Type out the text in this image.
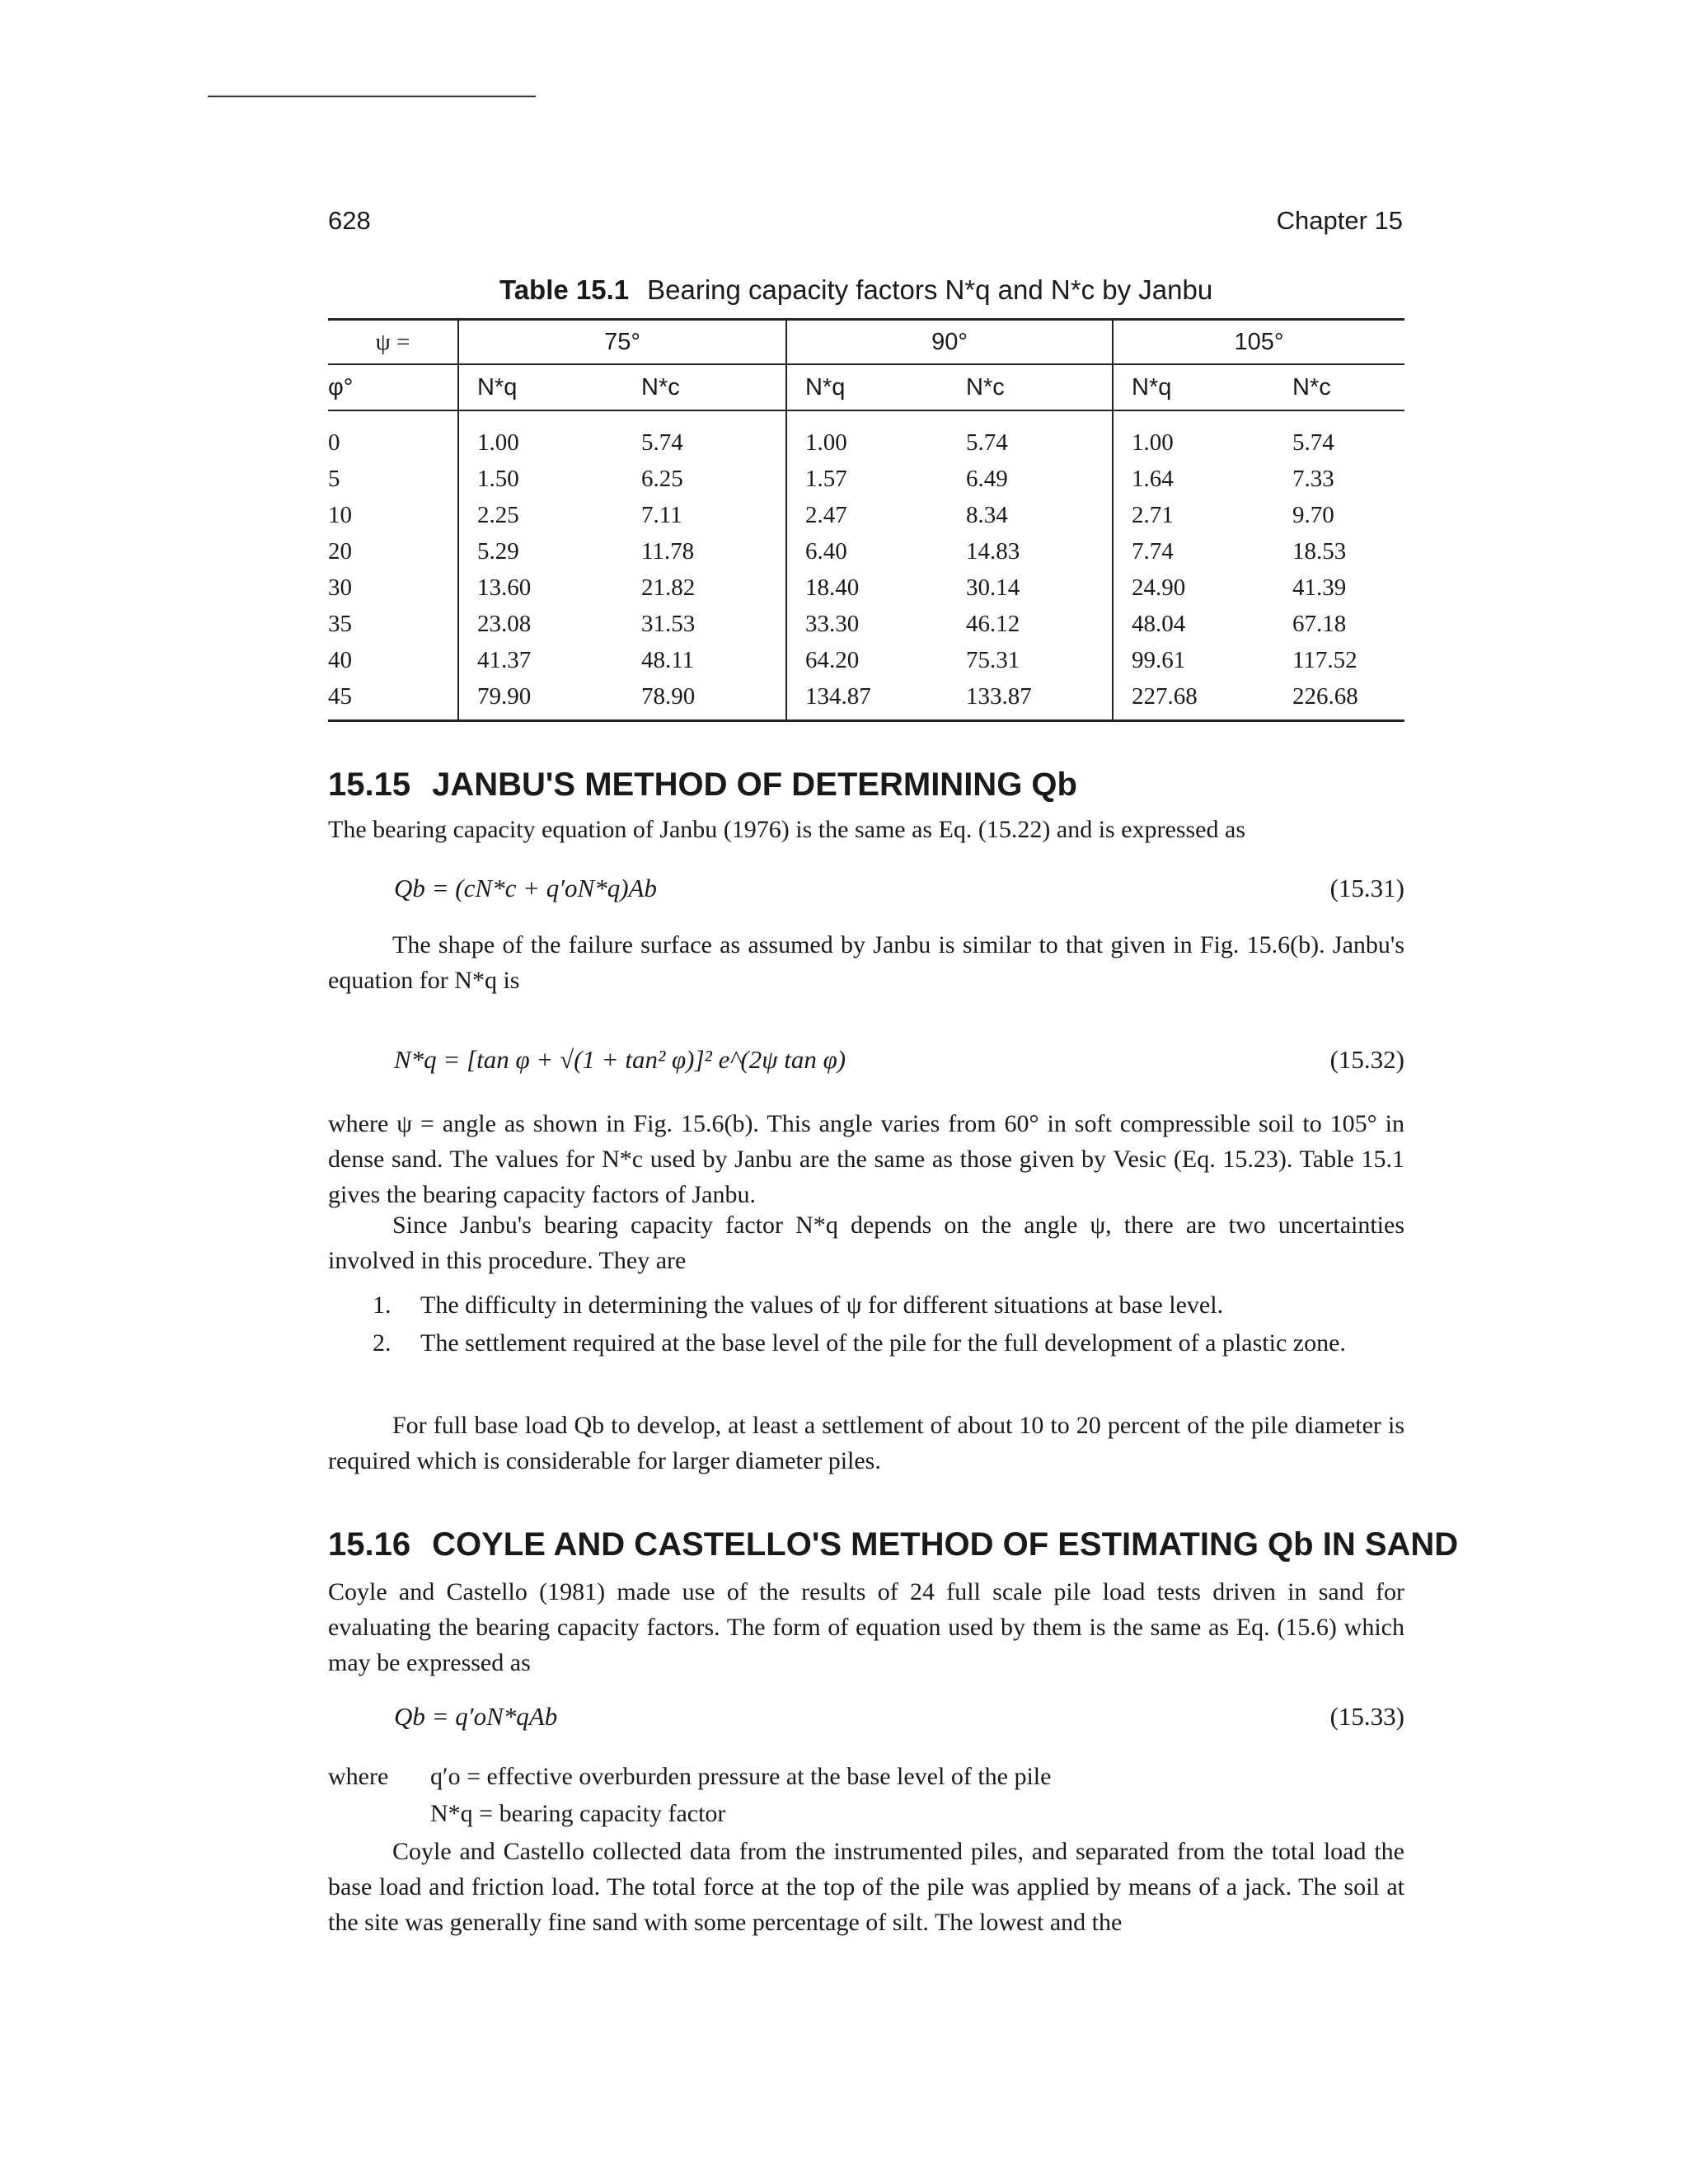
628	Chapter 15
Table 15.1 Bearing capacity factors N*q and N*c by Janbu
ψ =	75°		90°		105°	
φ°	N*q	N*c	N*q	N*c	N*q	N*c

0	1.00	5.74	1.00	5.74	1.00	5.74
5	1.50	6.25	1.57	6.49	1.64	7.33
10	2.25	7.11	2.47	8.34	2.71	9.70
20	5.29	11.78	6.40	14.83	7.74	18.53
30	13.60	21.82	18.40	30.14	24.90	41.39
35	23.08	31.53	33.30	46.12	48.04	67.18
40	41.37	48.11	64.20	75.31	99.61	117.52
45	79.90	78.90	134.87	133.87	227.68	226.68
15.15 JANBU'S METHOD OF DETERMINING Qb

The bearing capacity equation of Janbu (1976) is the same as Eq. (15.22) and is expressed as

Qb = (cN*c + q′oN*q)Ab	(15.31)

The shape of the failure surface as assumed by Janbu is similar to that given in Fig. 15.6(b). Janbu's equation for N*q is

N*q = [tan φ + √(1 + tan² φ)]² e^(2ψ tan φ)	(15.32)

where ψ = angle as shown in Fig. 15.6(b). This angle varies from 60° in soft compressible soil to 105° in dense sand. The values for N*c used by Janbu are the same as those given by Vesic (Eq. 15.23). Table 15.1 gives the bearing capacity factors of Janbu.

Since Janbu's bearing capacity factor N*q depends on the angle ψ, there are two uncertainties involved in this procedure. They are

1. The difficulty in determining the values of ψ for different situations at base level.
2. The settlement required at the base level of the pile for the full development of a plastic zone.

For full base load Qb to develop, at least a settlement of about 10 to 20 percent of the pile diameter is required which is considerable for larger diameter piles.

15.16 COYLE AND CASTELLO'S METHOD OF ESTIMATING Qb IN SAND

Coyle and Castello (1981) made use of the results of 24 full scale pile load tests driven in sand for evaluating the bearing capacity factors. The form of equation used by them is the same as Eq. (15.6) which may be expressed as

Qb = q′oN*qAb	(15.33)
where q′o = effective overburden pressure at the base level of the pile
N*q = bearing capacity factor

Coyle and Castello collected data from the instrumented piles, and separated from the total load the base load and friction load. The total force at the top of the pile was applied by means of a jack. The soil at the site was generally fine sand with some percentage of silt. The lowest and the
